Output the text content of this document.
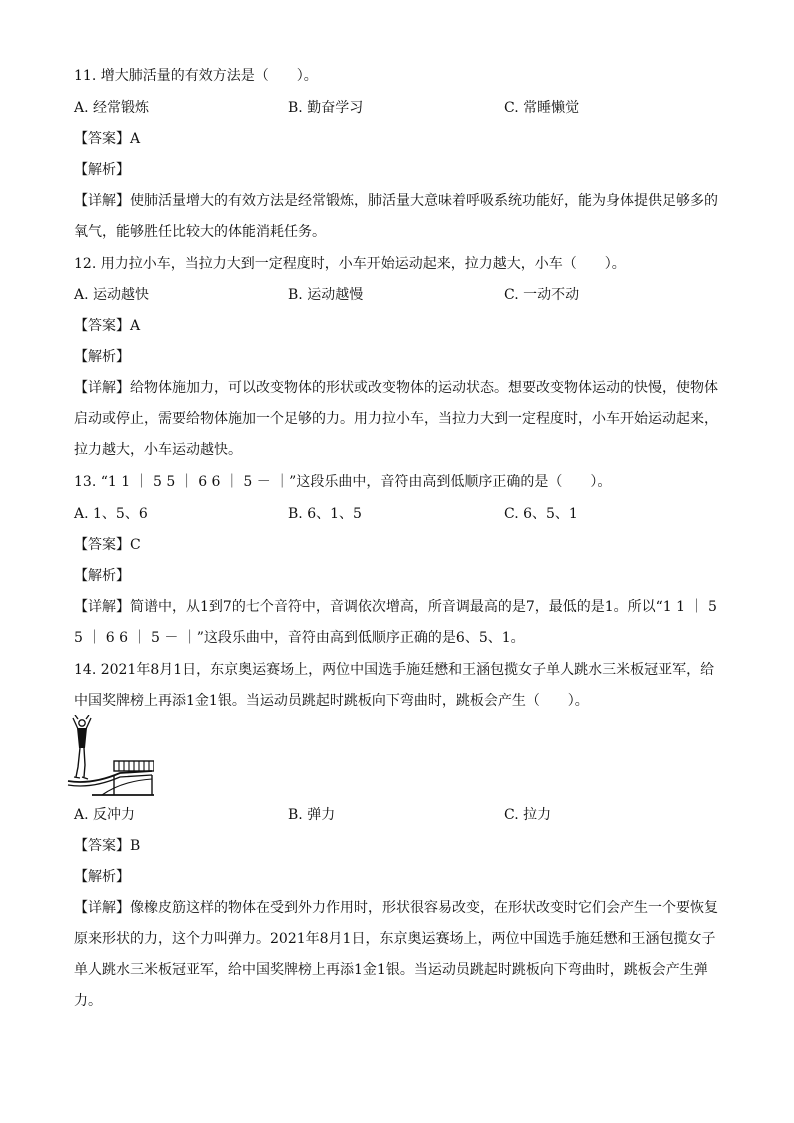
11. 增大肺活量的有效方法是（　　）。
A. 经常锻炼	B. 勤奋学习	C. 常睡懒觉
【答案】A
【解析】
【详解】使肺活量增大的有效方法是经常锻炼，肺活量大意味着呼吸系统功能好，能为身体提供足够多的氧气，能够胜任比较大的体能消耗任务。
12. 用力拉小车，当拉力大到一定程度时，小车开始运动起来，拉力越大，小车（　　）。
A. 运动越快	B. 运动越慢	C. 一动不动
【答案】A
【解析】
【详解】给物体施加力，可以改变物体的形状或改变物体的运动状态。想要改变物体运动的快慢，使物体启动或停止，需要给物体施加一个足够的力。用力拉小车，当拉力大到一定程度时，小车开始运动起来，拉力越大，小车运动越快。
13. “1 1 ｜ 5 5 ｜ 6 6 ｜ 5 － ｜”这段乐曲中，音符由高到低顺序正确的是（　　）。
A. 1、5、6	B. 6、1、5	C. 6、5、1
【答案】C
【解析】
【详解】简谱中，从1到7的七个音符中，音调依次增高，所音调最高的是7，最低的是1。所以“1 1 ｜ 5 5 ｜ 6 6 ｜ 5 － ｜”这段乐曲中，音符由高到低顺序正确的是6、5、1。
14. 2021年8月1日，东京奥运赛场上，两位中国选手施廷懋和王涵包揽女子单人跳水三米板冠亚军，给中国奖牌榜上再添1金1银。当运动员跳起时跳板向下弯曲时，跳板会产生（　　）。
A. 反冲力	B. 弹力	C. 拉力
【答案】B
【解析】
【详解】像橡皮筋这样的物体在受到外力作用时，形状很容易改变，在形状改变时它们会产生一个要恢复原来形状的力，这个力叫弹力。2021年8月1日，东京奥运赛场上，两位中国选手施廷懋和王涵包揽女子单人跳水三米板冠亚军，给中国奖牌榜上再添1金1银。当运动员跳起时跳板向下弯曲时，跳板会产生弹力。
